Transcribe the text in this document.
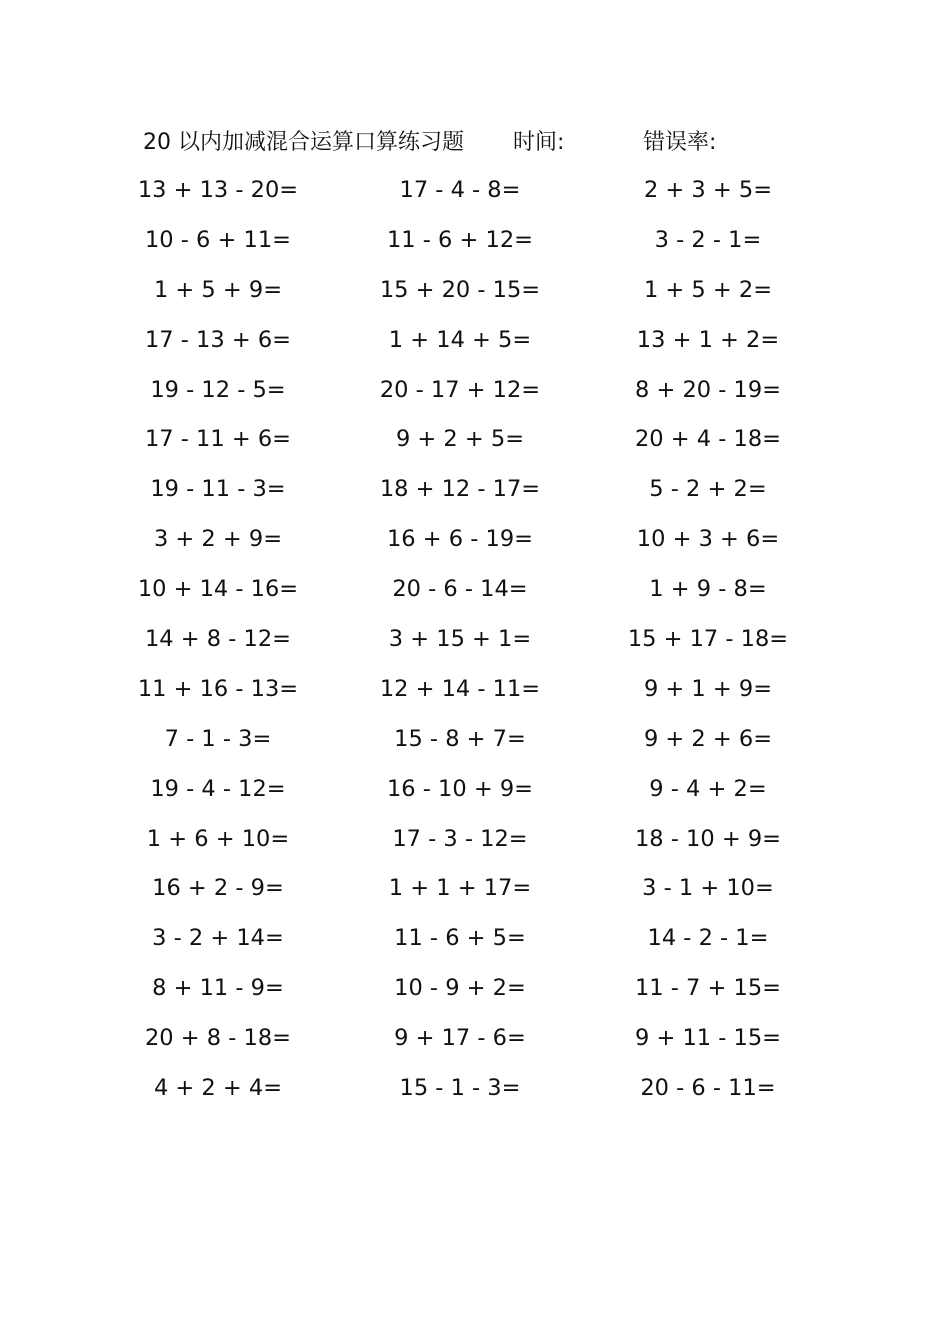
20 以内加减混合运算口算练习题 时间:	错误率:
13 + 13 - 20=	17 - 4 - 8=	2 + 3 + 5=
10 - 6 + 11=	11 - 6 + 12=	3 - 2 - 1=
1 + 5 + 9=	15 + 20 - 15=	1 + 5 + 2=
17 - 13 + 6=	1 + 14 + 5=	13 + 1 + 2=
19 - 12 - 5=	20 - 17 + 12=	8 + 20 - 19=
17 - 11 + 6=	9 + 2 + 5=	20 + 4 - 18=
19 - 11 - 3=	18 + 12 - 17=	5 - 2 + 2=
3 + 2 + 9=	16 + 6 - 19=	10 + 3 + 6=
10 + 14 - 16=	20 - 6 - 14=	1 + 9 - 8=
14 + 8 - 12=	3 + 15 + 1=	15 + 17 - 18=
11 + 16 - 13=	12 + 14 - 11=	9 + 1 + 9=
7 - 1 - 3=	15 - 8 + 7=	9 + 2 + 6=
19 - 4 - 12=	16 - 10 + 9=	9 - 4 + 2=
1 + 6 + 10=	17 - 3 - 12=	18 - 10 + 9=
16 + 2 - 9=	1 + 1 + 17=	3 - 1 + 10=
3 - 2 + 14=	11 - 6 + 5=	14 - 2 - 1=
8 + 11 - 9=	10 - 9 + 2=	11 - 7 + 15=
20 + 8 - 18=	9 + 17 - 6=	9 + 11 - 15=
4 + 2 + 4=	15 - 1 - 3=	20 - 6 - 11=
